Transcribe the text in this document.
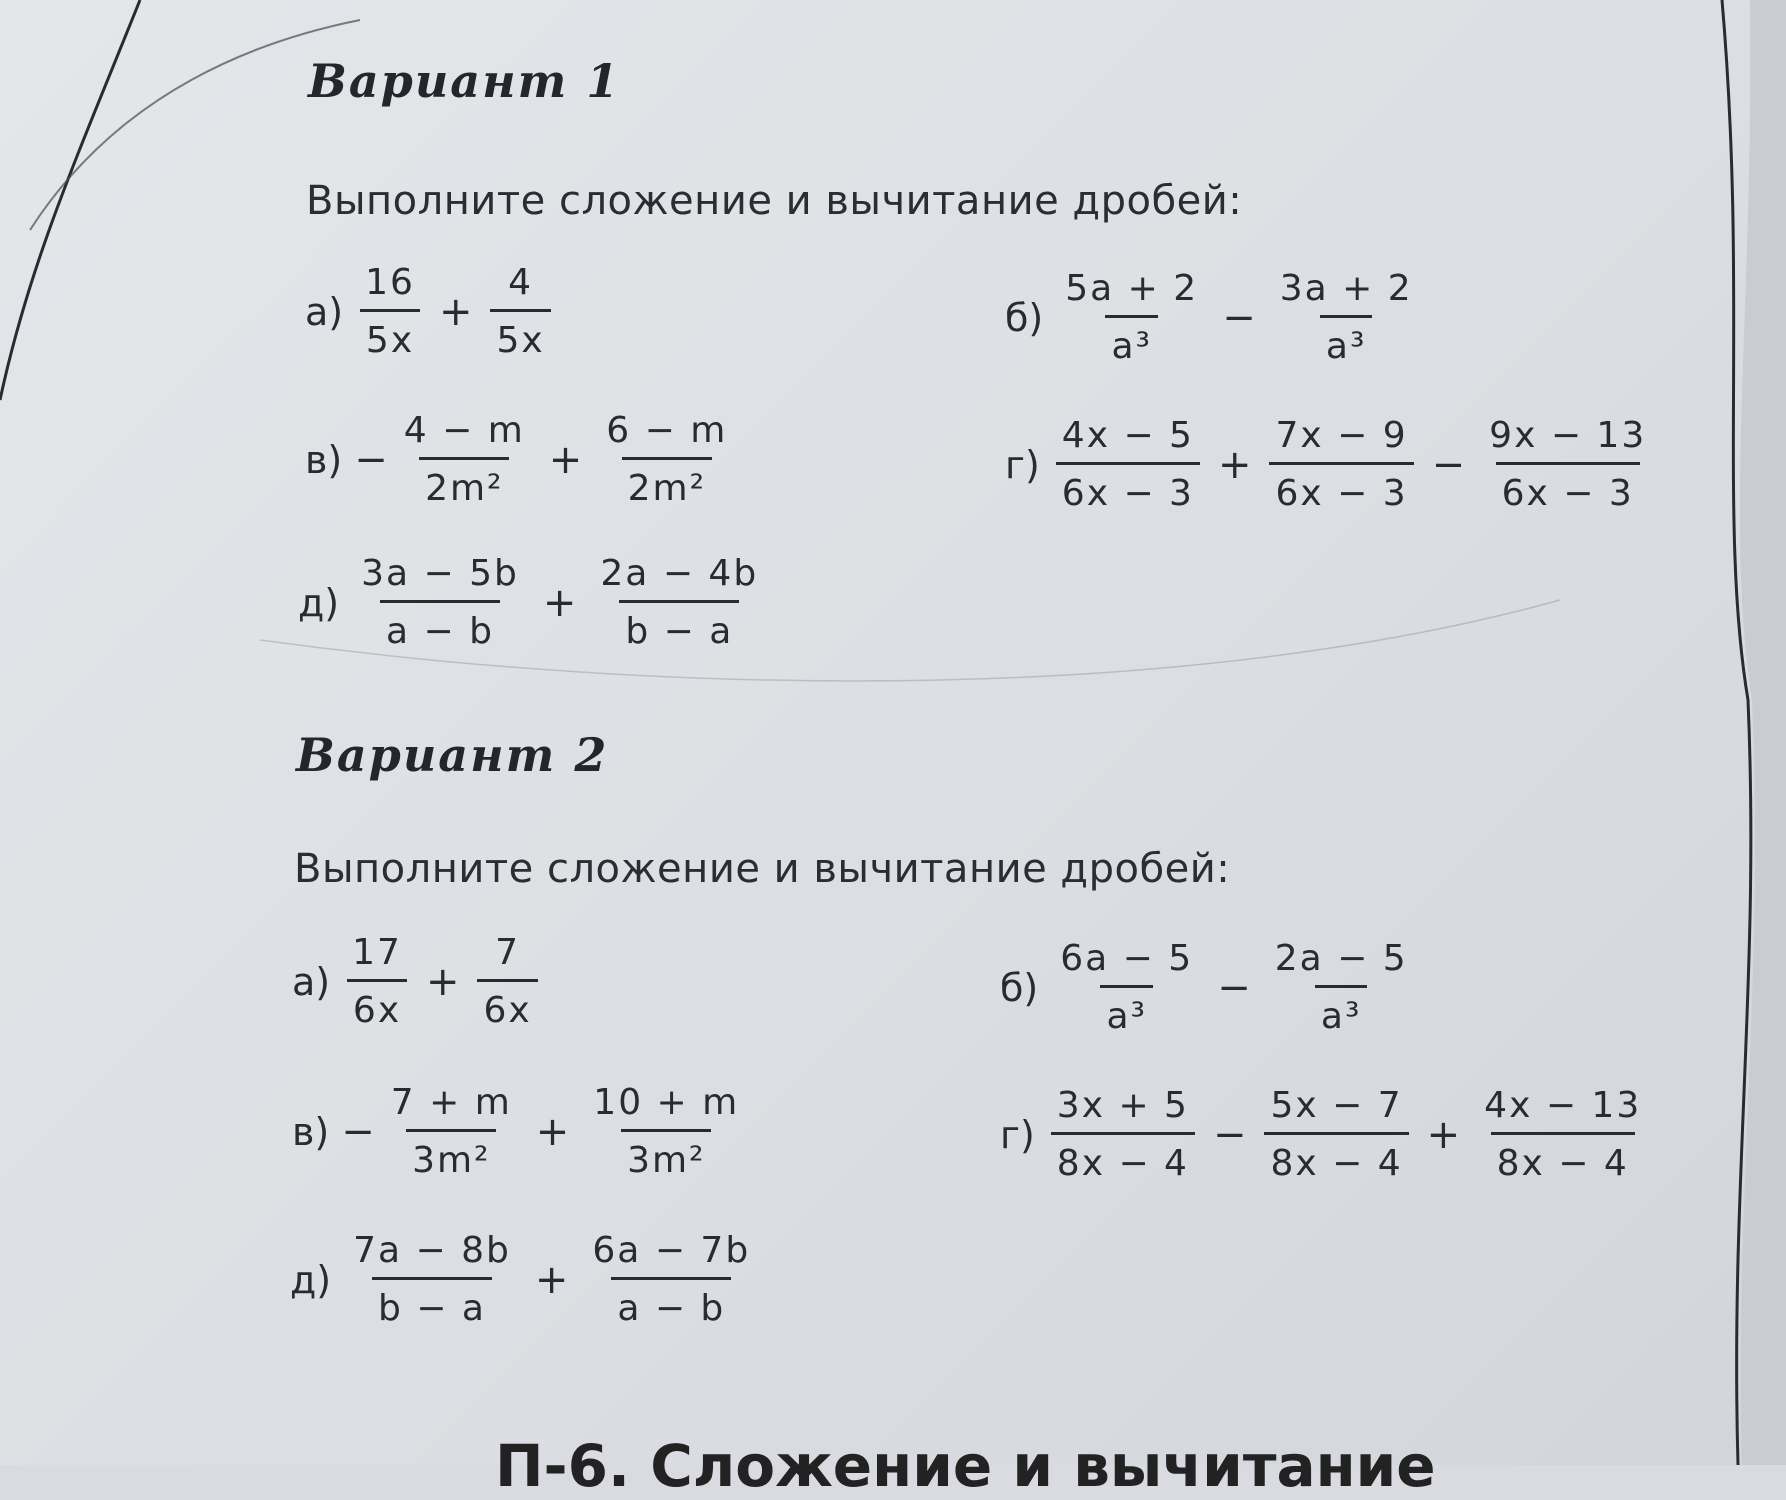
Вариант 1

Выполните сложение и вычитание дробей:

$а) \frac{16}{5x} + \frac{4}{5x}$	$б) \frac{5a + 2}{\text{a³}} - \frac{3a + 2}{\text{a³}}$
$в) - \frac{4 - m}{\text{2m²}} + \frac{6 - m}{\text{2m²}}$	$г) \frac{4x - 5}{6x - 3} + \frac{7x - 9}{6x - 3} - \frac{9x - 13}{6x - 3}$
$д) \frac{3a - 5b}{a - b} + \frac{2a - 4b}{b - a}$
Вариант 2

Выполните сложение и вычитание дробей:

$а) \frac{17}{6x} + \frac{7}{6x}$	$б) \frac{6a - 5}{\text{a³}} - \frac{2a - 5}{\text{a³}}$
$в) - \frac{7 + m}{\text{3m²}} + \frac{10 + m}{\text{3m²}}$	$г) \frac{3x + 5}{8x - 4} - \frac{5x - 7}{8x - 4} + \frac{4x - 13}{8x - 4}$
$д) \frac{7a - 8b}{b - a} + \frac{6a - 7b}{a - b}$
П-6. Сложение и вычитание
